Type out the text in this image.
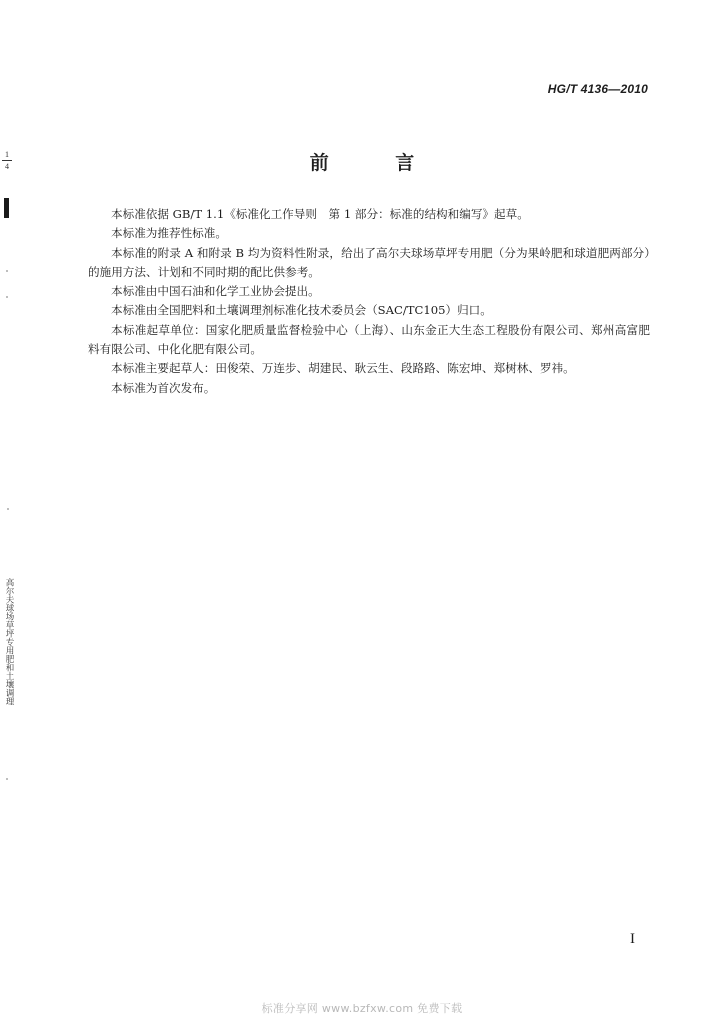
1
4
HG/T 4136—2010
前 言

本标准依据 GB/T 1.1《标准化工作导则　第 1 部分：标准的结构和编写》起草。

本标准为推荐性标准。

本标准的附录 A 和附录 B 均为资料性附录，给出了高尔夫球场草坪专用肥（分为果岭肥和球道肥两部分）的施用方法、计划和不同时期的配比供参考。

本标准由中国石油和化学工业协会提出。

本标准由全国肥料和土壤调理剂标准化技术委员会（SAC/TC105）归口。

本标准起草单位：国家化肥质量监督检验中心（上海）、山东金正大生态工程股份有限公司、郑州高富肥料有限公司、中化化肥有限公司。

本标准主要起草人：田俊荣、万连步、胡建民、耿云生、段路路、陈宏坤、郑树林、罗祎。

本标准为首次发布。

高尔夫球场草坪专用肥和土壤调理
I
标准分享网 www.bzfxw.com 免费下载
